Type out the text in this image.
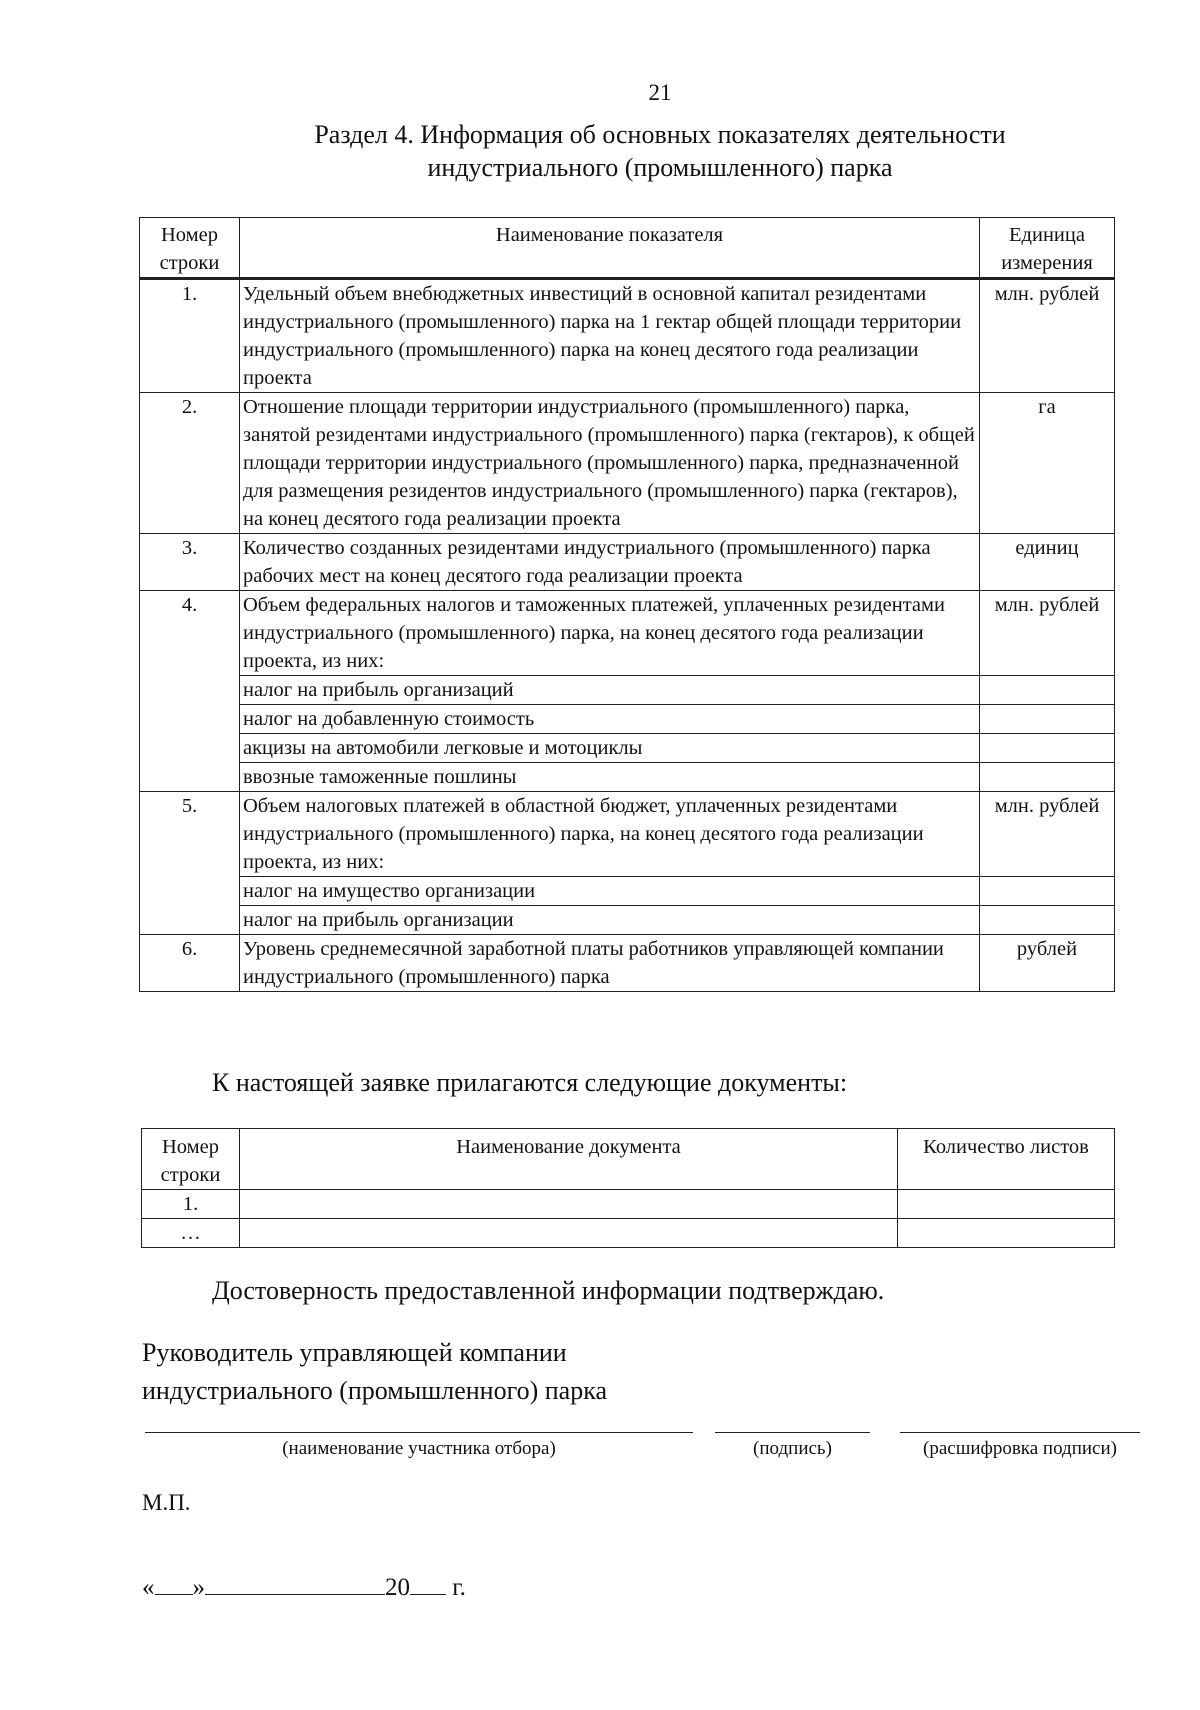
21
Раздел 4. Информация об основных показателях деятельности
индустриального (промышленного) парка
Номер строки	Наименование показателя	Единица измерения
1.	Удельный объем внебюджетных инвестиций в основной капитал резидентами индустриального (промышленного) парка на 1 гектар общей площади территории индустриального (промышленного) парка на конец десятого года реализации проекта	млн. рублей
2.	Отношение площади территории индустриального (промышленного) парка, занятой резидентами индустриального (промышленного) парка (гектаров), к общей площади территории индустриального (промышленного) парка, предназначенной для размещения резидентов индустриального (промышленного) парка (гектаров), на конец десятого года реализации проекта	га
3.	Количество созданных резидентами индустриального (промышленного) парка рабочих мест на конец десятого года реализации проекта	единиц
4.	Объем федеральных налогов и таможенных платежей, уплаченных резидентами индустриального (промышленного) парка, на конец десятого года реализации проекта, из них:	млн. рублей
	налог на прибыль организаций	
	налог на добавленную стоимость	
	акцизы на автомобили легковые и мотоциклы	
	ввозные таможенные пошлины	
5.	Объем налоговых платежей в областной бюджет, уплаченных резидентами индустриального (промышленного) парка, на конец десятого года реализации проекта, из них:	млн. рублей
	налог на имущество организации	
	налог на прибыль организации	
6.	Уровень среднемесячной заработной платы работников управляющей компании индустриального (промышленного) парка	рублей
К настоящей заявке прилагаются следующие документы:
Номер строки	Наименование документа	Количество листов
1.		
…		
Достоверность предоставленной информации подтверждаю.
Руководитель управляющей компании
индустриального (промышленного) парка
(наименование участника отбора)	(подпись)	(расшифровка подписи)
М.П.
« »	20 г.
